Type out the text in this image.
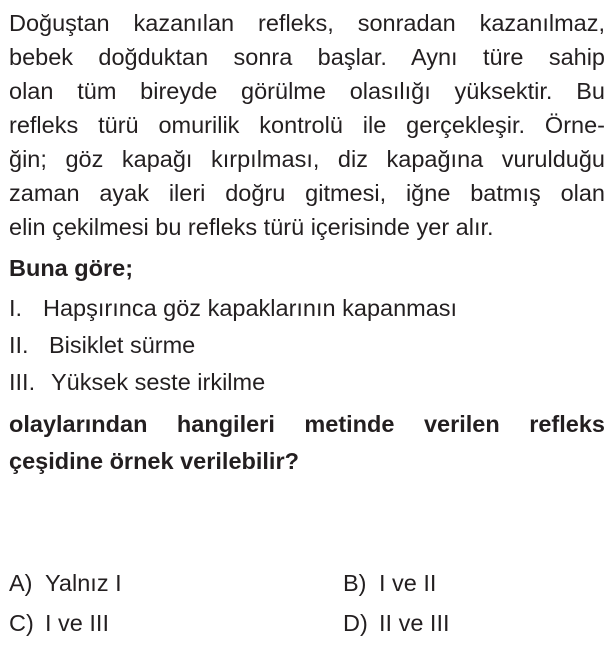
Doğuştan kazanılan refleks, sonradan kazanılmaz,
bebek doğduktan sonra başlar. Aynı türe sahip
olan tüm bireyde görülme olasılığı yüksektir. Bu
refleks türü omurilik kontrolü ile gerçekleşir. Örne-
ğin; göz kapağı kırpılması, diz kapağına vurulduğu
zaman ayak ileri doğru gitmesi, iğne batmış olan
elin çekilmesi bu refleks türü içerisinde yer alır.

Buna göre;

I. Hapşırınca göz kapaklarının kapanması
II. Bisiklet sürme
III. Yüksek seste irkilme

olaylarından hangileri metinde verilen refleks
çeşidine örnek verilebilir?

A) Yalnız I	B) I ve II
C) I ve III	D) II ve III
